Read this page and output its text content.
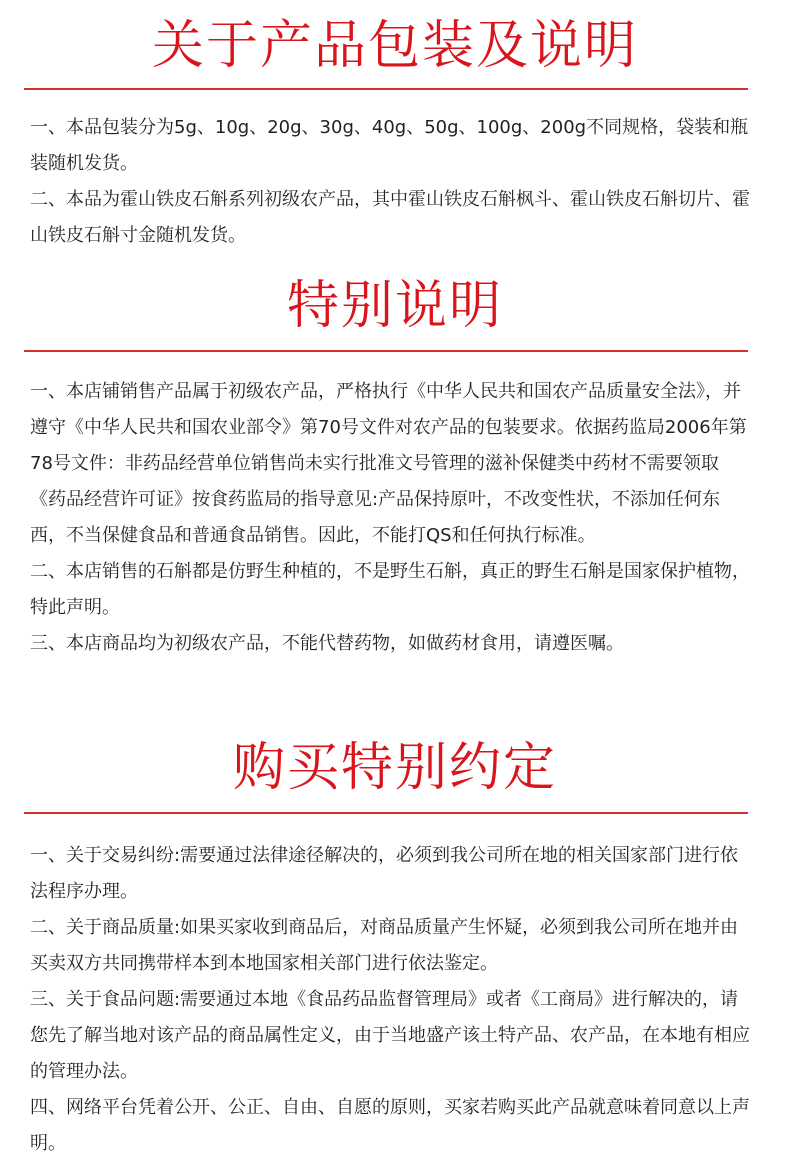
关于产品包装及说明

一、本品包装分为5g、10g、20g、30g、40g、50g、100g、200g不同规格，袋装和瓶装随机发货。

二、本品为霍山铁皮石斛系列初级农产品，其中霍山铁皮石斛枫斗、霍山铁皮石斛切片、霍山铁皮石斛寸金随机发货。

特别说明

一、本店铺销售产品属于初级农产品，严格执行《中华人民共和国农产品质量安全法》，并遵守《中华人民共和国农业部令》第70号文件对农产品的包装要求。依据药监局2006年第78号文件：非药品经营单位销售尚未实行批准文号管理的滋补保健类中药材不需要领取《药品经营许可证》按食药监局的指导意见:产品保持原叶，不改变性状，不添加任何东西，不当保健食品和普通食品销售。因此，不能打QS和任何执行标准。

二、本店销售的石斛都是仿野生种植的，不是野生石斛，真正的野生石斛是国家保护植物，特此声明。

三、本店商品均为初级农产品，不能代替药物，如做药材食用，请遵医嘱。

购买特别约定

一、关于交易纠纷:需要通过法律途径解决的，必须到我公司所在地的相关国家部门进行依法程序办理。

二、关于商品质量:如果买家收到商品后，对商品质量产生怀疑，必须到我公司所在地并由买卖双方共同携带样本到本地国家相关部门进行依法鉴定。

三、关于食品问题:需要通过本地《食品药品监督管理局》或者《工商局》进行解决的，请您先了解当地对该产品的商品属性定义，由于当地盛产该土特产品、农产品，在本地有相应的管理办法。

四、网络平台凭着公开、公正、自由、自愿的原则，买家若购买此产品就意味着同意以上声明。
